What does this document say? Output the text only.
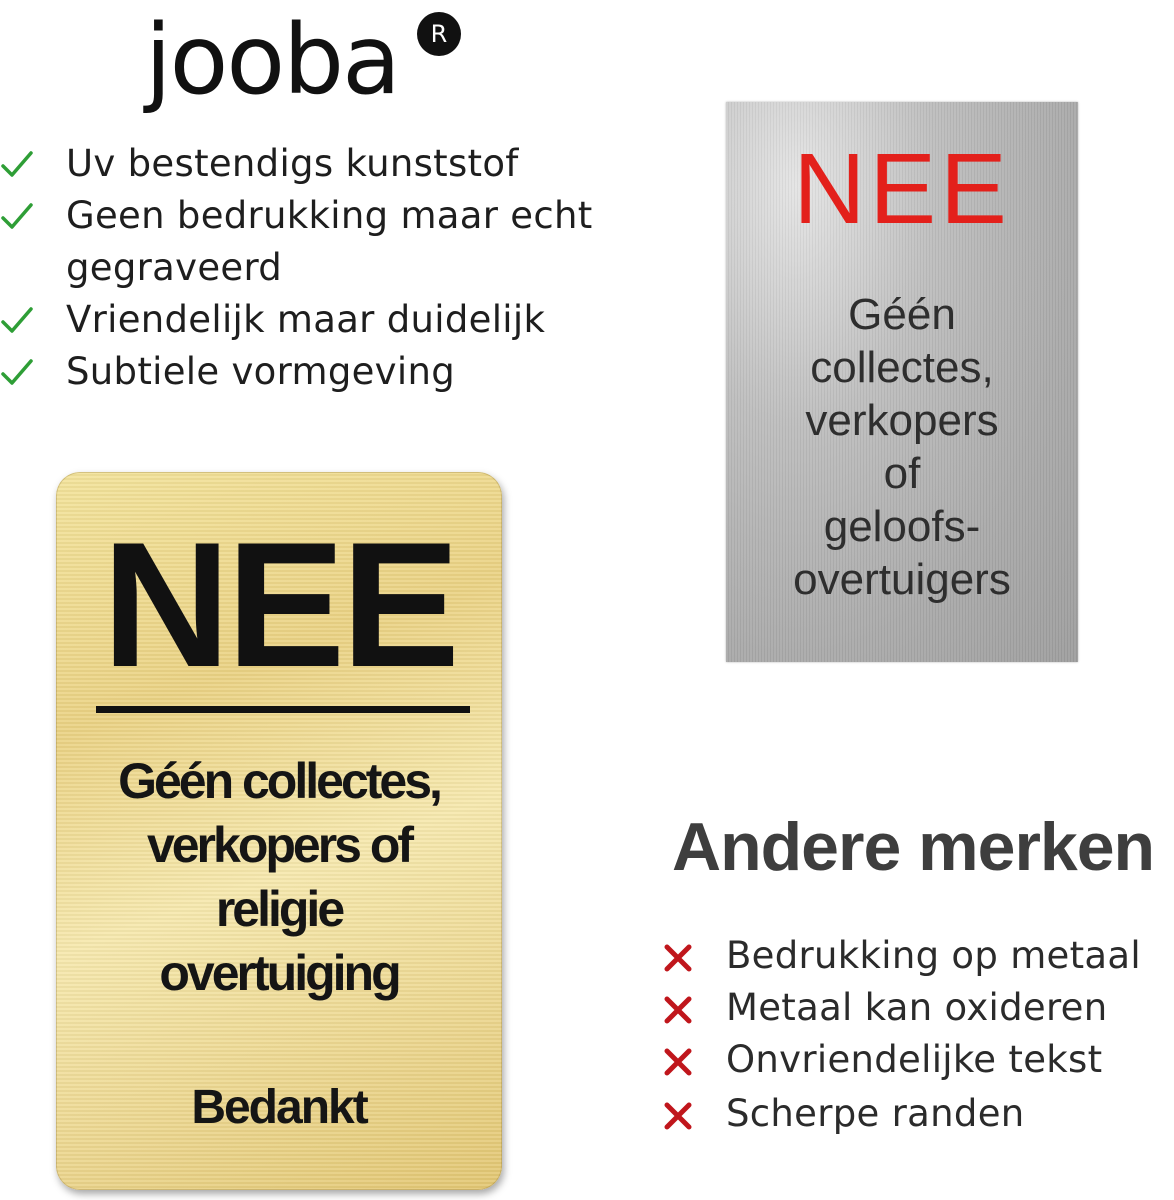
jooba	R
Uv bestendigs kunststof
Geen bedrukking maar echt
gegraveerd
Vriendelijk maar duidelijk
Subtiele vormgeving
NEE
Géén collectes,
verkopers of
religie
overtuiging
Bedankt
NEE
Géén
collectes,
verkopers
of
geloofs-
overtuigers
Andere merken
Bedrukking op metaal
Metaal kan oxideren
Onvriendelijke tekst
Scherpe randen
